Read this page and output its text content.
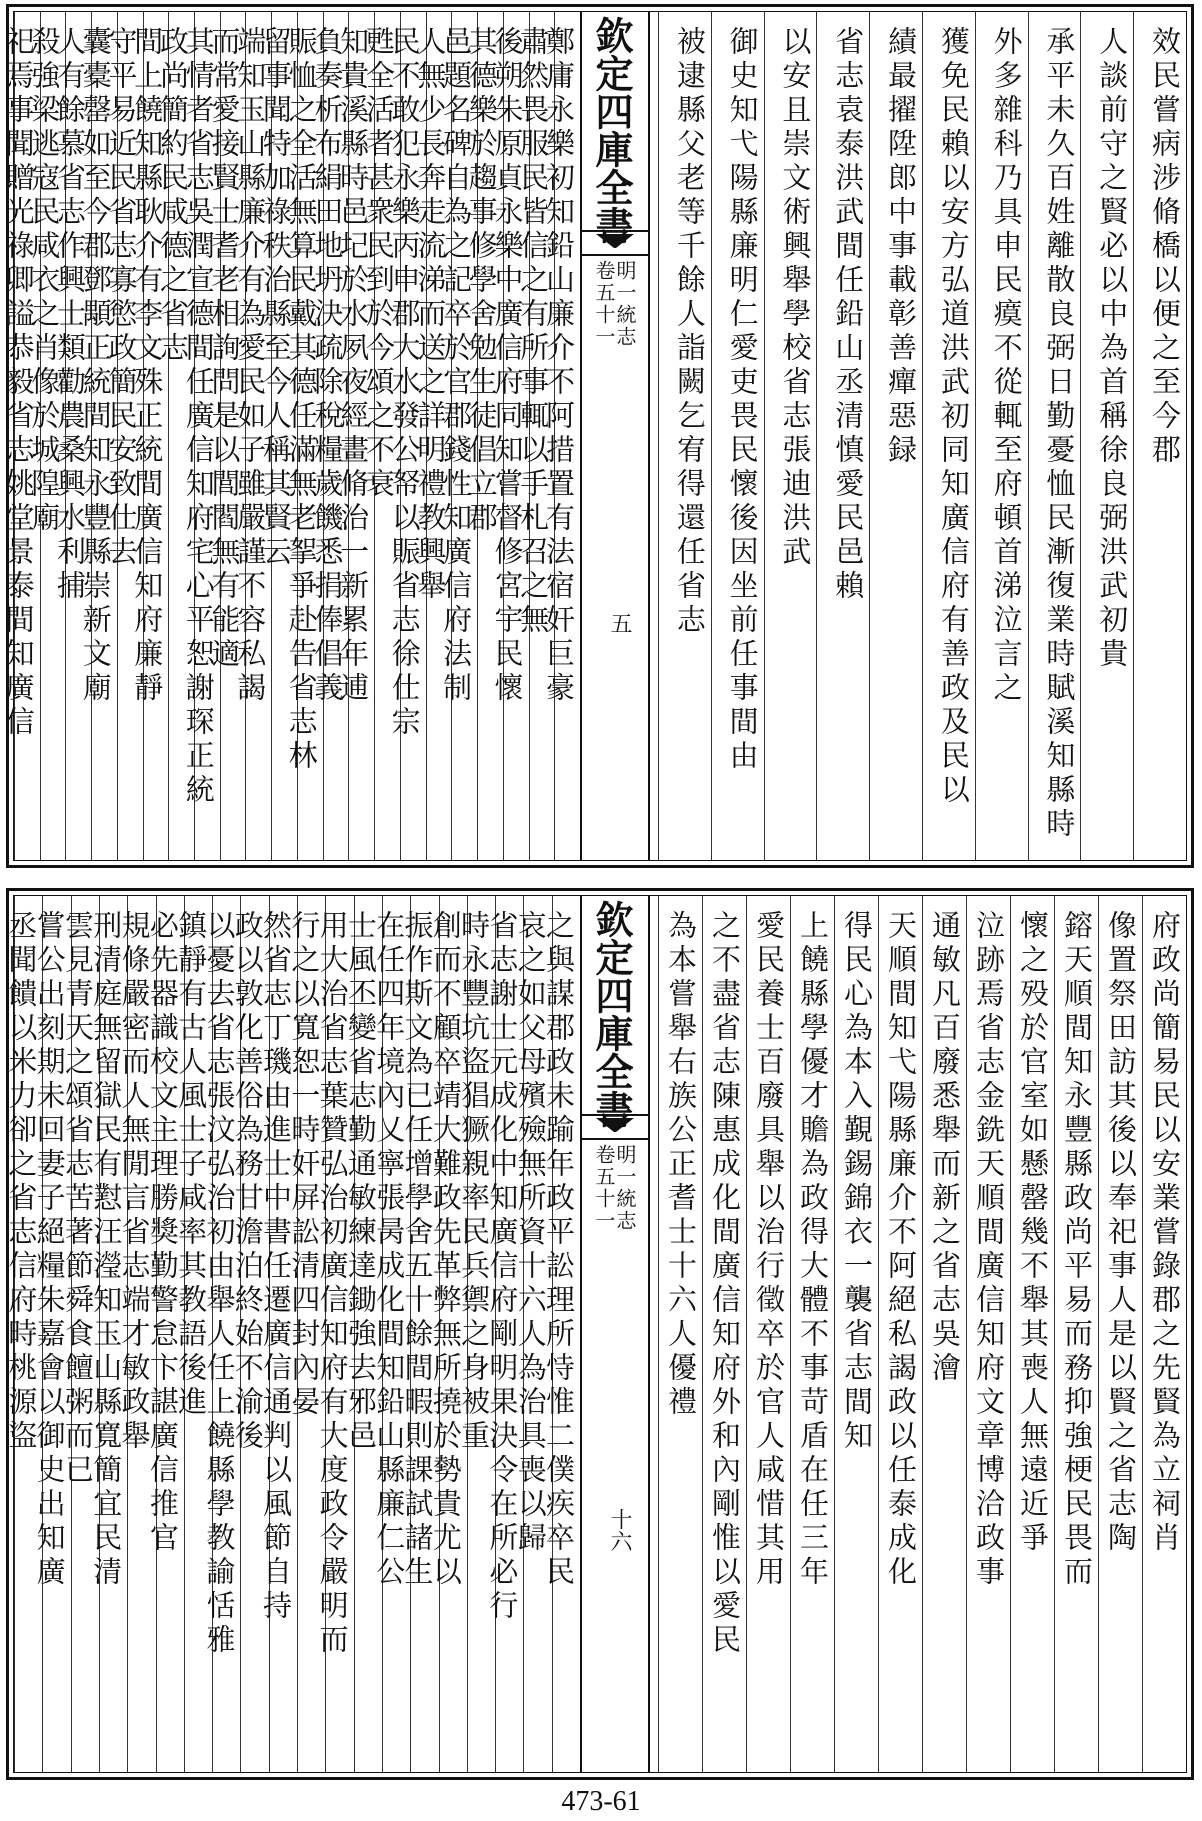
效民嘗病涉脩橋以便之至今郡
人談前守之賢必以中為首稱徐良弼洪武初貴
承平未久百姓離散良弼日勤憂恤民漸復業時賦溪知縣時
外多雜科乃具申民瘼不從輒至府頓首涕泣言之
獲免民賴以安方弘道洪武初同知廣信府有善政及民以
績最擢陞郎中事載彰善癉惡録
省志袁泰洪武間任鉛山丞清慎愛民邑賴
以安且崇文術興舉學校省志張迪洪武
御史知弋陽縣廉明仁愛吏畏民懷後因坐前任事間由
被逮縣父老等千餘人詣闕乞宥得還任省志
欽定四庫全書
明一統志
卷五十一
五
鄭庸永樂初知鉛山廉介不阿措置有法宿奸巨豪
肅然畏服民皆信之有所事輒以手札召之無
後朔朱原貞永樂中廣信府同知嘗督修宮宇民懷
其德樂於趨事修學舍勉生徒倡立郡
邑題名碑自為之記卒於官郡錢性知廣信府法制
人無少長奔走流涕而送之詳明禮教興舉
民不敢犯永樂丙申郡大水發公帑以賑省志徐仕宗
甦全活者甚衆民到於今頌之不衰
知貴溪縣時邑圮於水夙夜經畫脩治一新累年逋
負奏析布絹田地坍決疏除稅糧歲饑悉捐俸倡義
賑恤之全活無算民戴其德任滿無老挐爭赴告省志林
留事聞特加祿秩治縣至今人稱其賢云
端知玉山縣廉介有為愛民如子雖嚴謹不容私謁
而常愛接賢士耆老相詢問是以閭閻無有能適
其情者省志吳潤宣德間任廣信知府宅心平恕謝琛正統
政尚簡約民咸德之省志
間上饒知縣耿介有李文殊正統間廣信知府廉靜
守平易近民省志寡慾政簡民安致仕去
囊橐罄如至今郡鄧顒正統間知永豐縣崇新文廟
人有餘慕省志作興士類勸農桑興水利捕
殺強梁逃寇民咸衣之肖像於城隍廟
祀焉事聞贈光祿卿謚恭毅省志姚堂景泰間知廣信
府政尚簡易民以安業嘗錄郡之先賢為立祠肖
像置祭田訪其後以奉祀事人是以賢之省志陶
鎔天順間知永豐縣政尚平易而務抑強梗民畏而
懷之殁於官室如懸罄幾不舉其喪人無遠近爭
泣跡焉省志金銑天順間廣信知府文章博洽政事
通敏凡百廢悉舉而新之省志吳澮
天順間知弋陽縣廉介不阿絕私謁政以任泰成化
得民心為本入覲錫錦衣一襲省志間知
上饒縣學優才贍為政得大體不事苛盾在任三年
愛民養士百廢具舉以治行徵卒於官人咸惜其用
之不盡省志陳惠成化間廣信知府外和內剛惟以愛民
為本嘗舉右族公正耆士十六人優禮
欽定四庫全書
明一統志
卷五十一
十六
之與謀郡政未踰年政平訟理所恃惟二僕疾卒民
哀之如父母殯殮無所資十六人為治具喪以歸
省志謝士元成化中知廣信府剛明果決令在所必行
時永豐坑盜猖獗親率民兵禦之身被重
創而不顧卒靖大難政先革弊無所撓於勢貴尤以
振作斯文為已任增學舍五十餘間暇則課試諸生
在任四年境內乂寧張昺成化間知鉛山縣廉仁公
士風丕變省志勤通敏練達鋤強去邪邑
用大治省志葉贊弘治初廣信知府有大度政令嚴明而
行之以寬恕一時奸屏訟清四封內晏
然省志丁璣由進士中書任遷廣信通判以風節自持
政以敦化善俗為務甘澹泊終始不渝後
以憂去省志張汶弘治初由舉人任上饒縣學教諭恬雅
鎮靜有古人風士子咸率其教語後進
必先器識校文主理勝獎勤警怠卞諶廣信推官
規條嚴密而人無閒言省志端才敏政舉
刑清庭無留獄民有懟汪瀅知玉山縣寬簡宜民清
雲見青天之頌省志苦著節舜食饘粥而已
嘗公出刻期未回妻子絕糧朱嘉會以御史出知廣
丞聞饋以米力卻之省志信府時桃源盜
473-61
